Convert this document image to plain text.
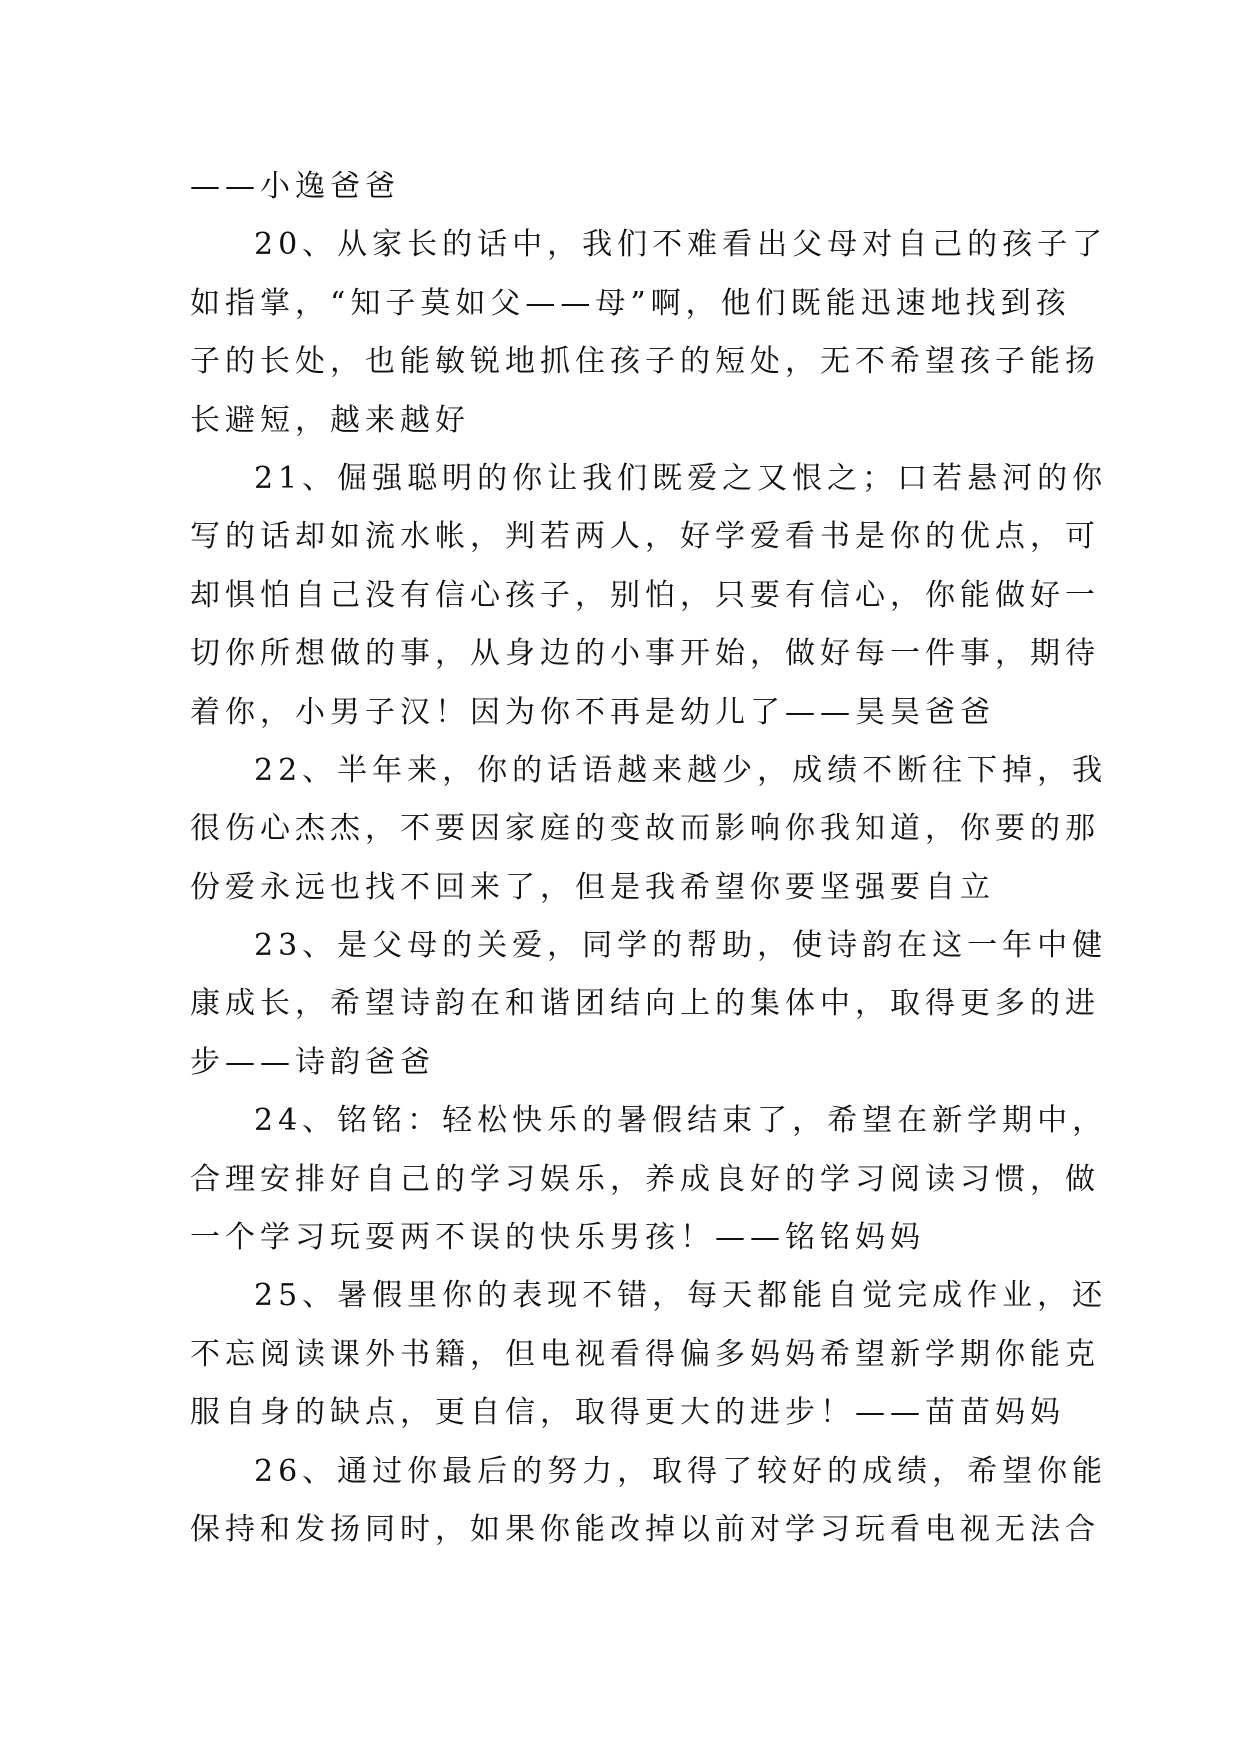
——小逸爸爸
20、从家长的话中，我们不难看出父母对自己的孩子了
如指掌，“知子莫如父——母”啊，他们既能迅速地找到孩
子的长处，也能敏锐地抓住孩子的短处，无不希望孩子能扬
长避短，越来越好
21、倔强聪明的你让我们既爱之又恨之；口若悬河的你
写的话却如流水帐，判若两人，好学爱看书是你的优点，可
却惧怕自己没有信心孩子，别怕，只要有信心，你能做好一
切你所想做的事，从身边的小事开始，做好每一件事，期待
着你，小男子汉！因为你不再是幼儿了——昊昊爸爸
22、半年来，你的话语越来越少，成绩不断往下掉，我
很伤心杰杰，不要因家庭的变故而影响你我知道，你要的那
份爱永远也找不回来了，但是我希望你要坚强要自立
23、是父母的关爱，同学的帮助，使诗韵在这一年中健
康成长，希望诗韵在和谐团结向上的集体中，取得更多的进
步——诗韵爸爸
24、铭铭：轻松快乐的暑假结束了，希望在新学期中，
合理安排好自己的学习娱乐，养成良好的学习阅读习惯，做
一个学习玩耍两不误的快乐男孩！——铭铭妈妈
25、暑假里你的表现不错，每天都能自觉完成作业，还
不忘阅读课外书籍，但电视看得偏多妈妈希望新学期你能克
服自身的缺点，更自信，取得更大的进步！——苗苗妈妈
26、通过你最后的努力，取得了较好的成绩，希望你能
保持和发扬同时，如果你能改掉以前对学习玩看电视无法合
